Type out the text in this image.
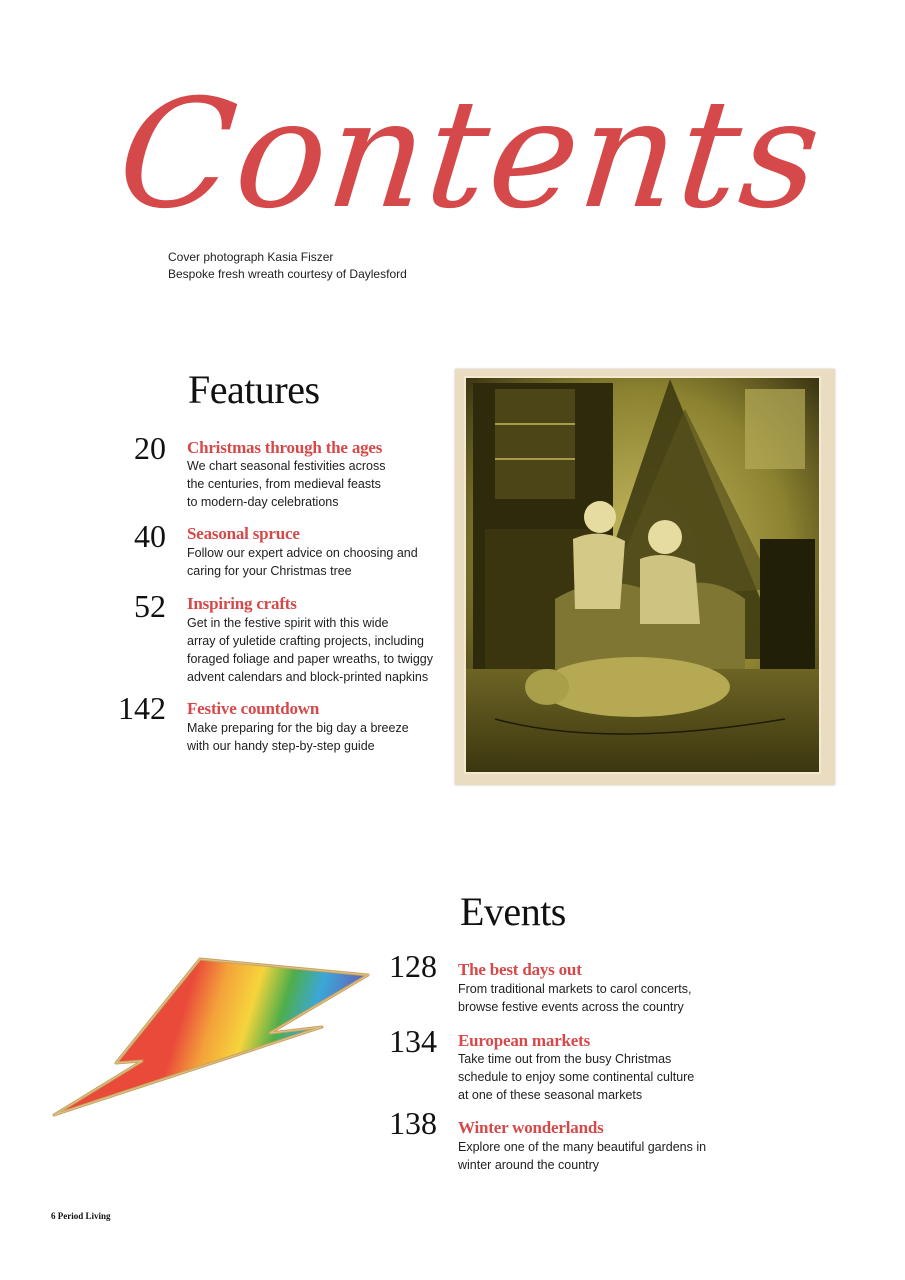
Contents
Cover photograph Kasia Fiszer
Bespoke fresh wreath courtesy of Daylesford
Features
20 Christmas through the ages
We chart seasonal festivities across
the centuries, from medieval feasts
to modern-day celebrations
40 Seasonal spruce
Follow our expert advice on choosing and
caring for your Christmas tree
52 Inspiring crafts
Get in the festive spirit with this wide
array of yuletide crafting projects, including
foraged foliage and paper wreaths, to twiggy
advent calendars and block-printed napkins
142 Festive countdown
Make preparing for the big day a breeze
with our handy step-by-step guide
Events
128 The best days out
From traditional markets to carol concerts,
browse festive events across the country
134 European markets
Take time out from the busy Christmas
schedule to enjoy some continental culture
at one of these seasonal markets
138 Winter wonderlands
Explore one of the many beautiful gardens in
winter around the country
6 Period Living
